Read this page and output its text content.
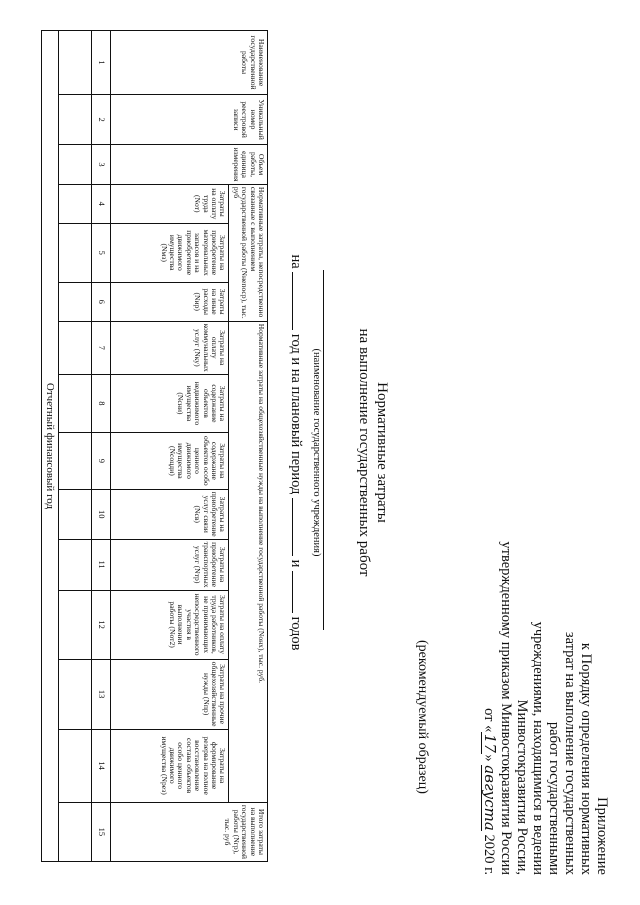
Приложение
к Порядку определения нормативных
затрат на выполнение государственных
работ государственными
учреждениями, находящимися в ведении
Минвостокразвития России,
утвержденному приказом Минвостокразвития России
от «17» августа 2020 г.
(рекомендуемый образец)
Нормативные затраты
на выполнение государственных работ
(наименование государственного учреждения)
на  год и на плановый период  и  годов
Наименование государственной работы	Уникальный номер реестровой записи	Объем работы, единица измерения	Нормативные затраты, непосредственно связанные с выполнением государственной работы (Nнепоср), тыс. руб			Нормативные затраты на общехозяйственные нужды на выполнение государственной работы (Nонх), тыс. руб.								Итого затраты на выполнение государственной работы (Nгр), тыс. руб
			Затраты на оплату труда (Nот)	Затраты на приобретение материальных запасов и на приобретение движимого имущества (Nмз)	Затраты на иные расходы (Nир)	Затраты на оплату коммунальных услуг (Nку)	Затраты на содержание объектов недвижимого имущества (Nсни)	Затраты на содержание объектов особо ценного движимого имущества (Nсоцди)	Затраты на приобретение услуг связи (Nсв)	Затраты на приобретение транспортных услуг (Nтр)	Затраты на оплату труда работников, не принимающих непосредственного участия в выполнении работы (Nот2)	Затраты на прочие общехозяйственные нужды (Nпр)	Затраты на формирование резерва на полное восстановление состава объектов особо ценного движимого имущества (Nрез)	
1	2	3	4	5	6	7	8	9	10	11	12	13	14	15

Отчетный финансовый год														
